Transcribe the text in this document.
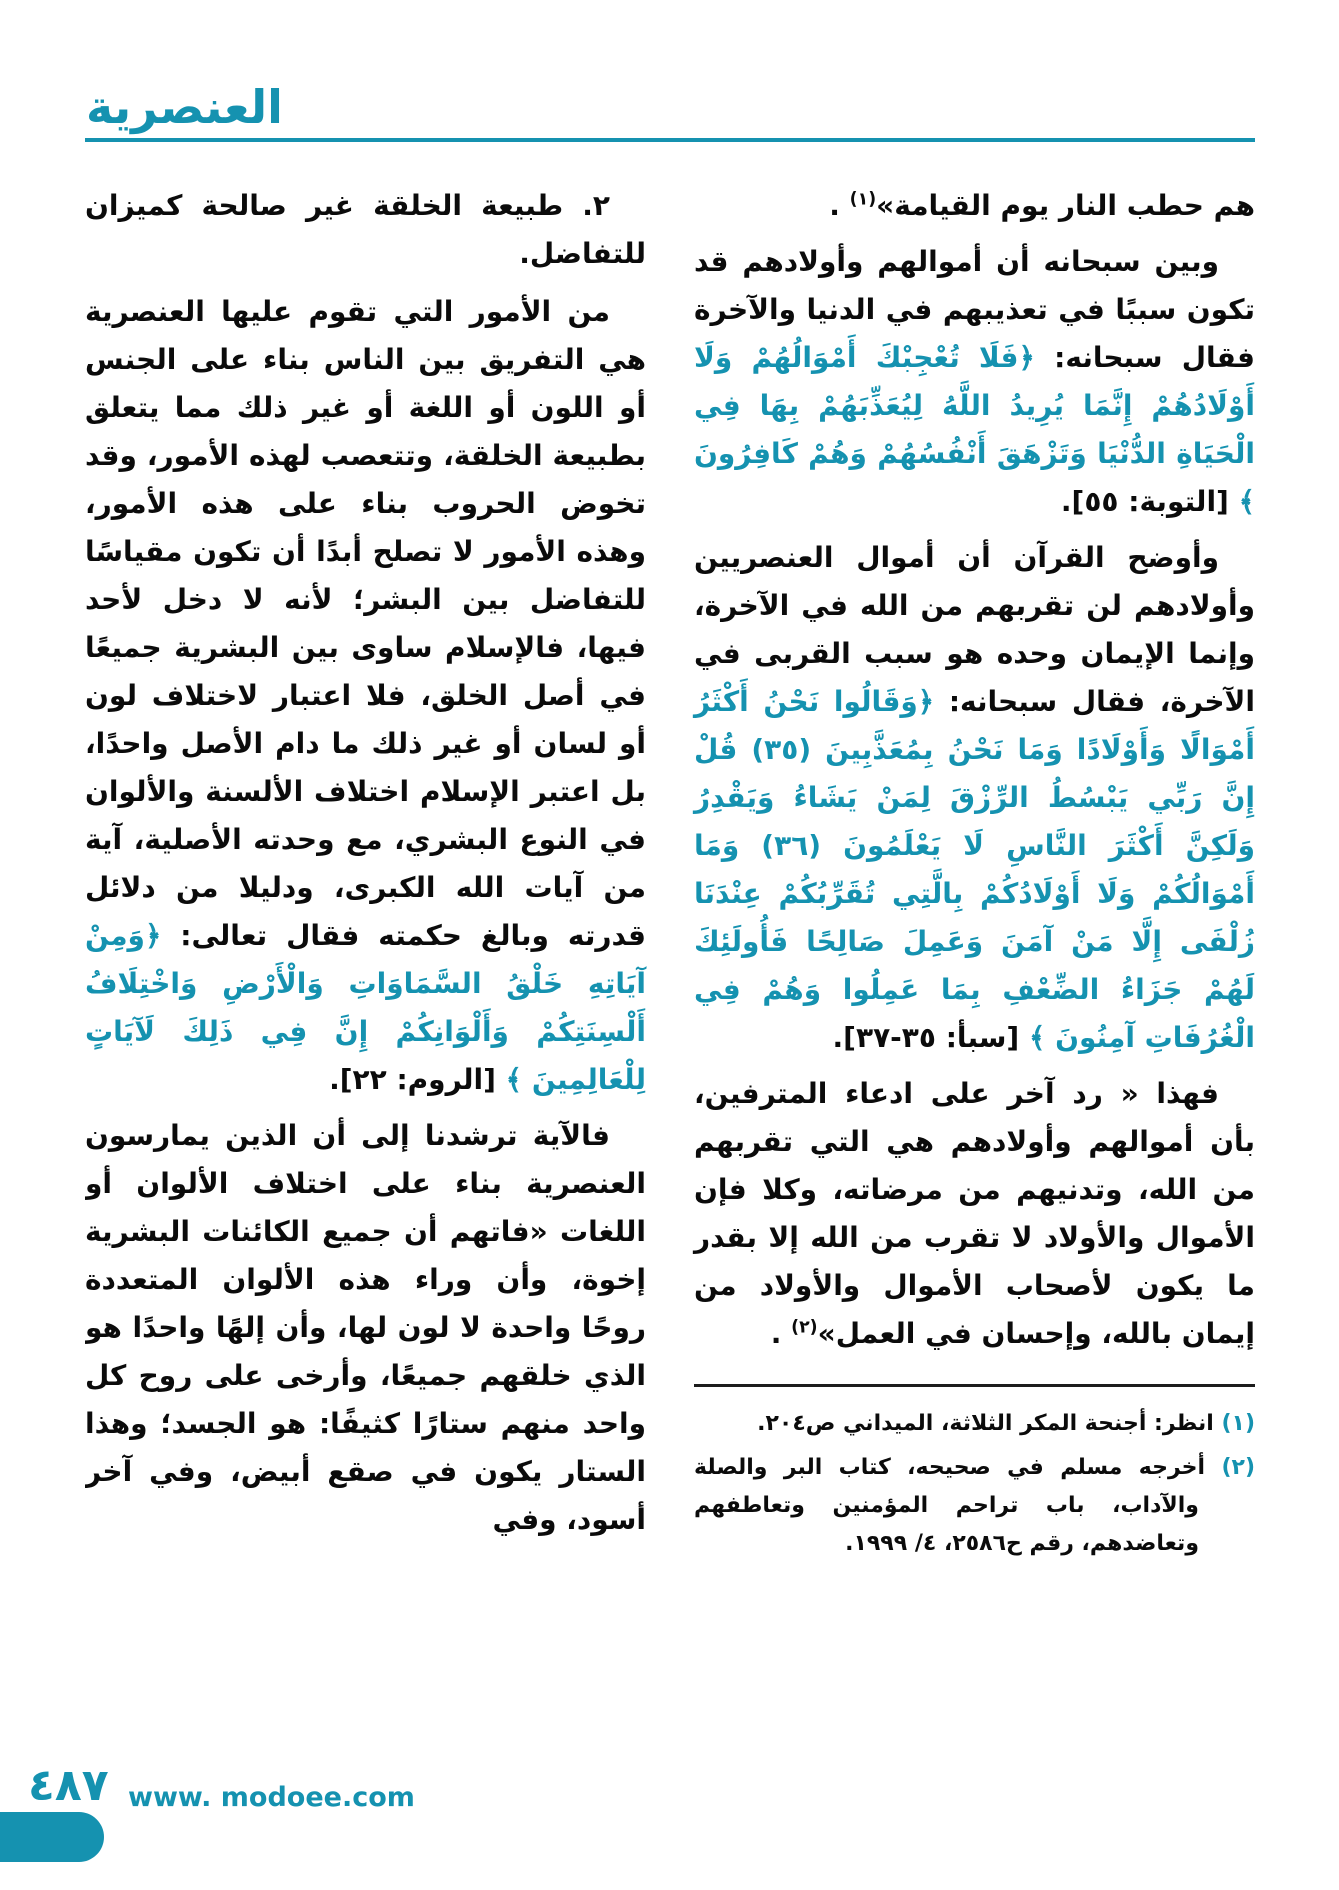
العنصرية

هم حطب النار يوم القيامة»$^{(١)}$ .

وبين سبحانه أن أموالهم وأولادهم قد تكون سببًا في تعذيبهم في الدنيا والآخرة فقال سبحانه: ﴿فَلَا تُعْجِبْكَ أَمْوَالُهُمْ وَلَا أَوْلَادُهُمْ إِنَّمَا يُرِيدُ اللَّهُ لِيُعَذِّبَهُمْ بِهَا فِي الْحَيَاةِ الدُّنْيَا وَتَزْهَقَ أَنْفُسُهُمْ وَهُمْ كَافِرُونَ ﴾ [التوبة: ٥٥].

وأوضح القرآن أن أموال العنصريين وأولادهم لن تقربهم من الله في الآخرة، وإنما الإيمان وحده هو سبب القربى في الآخرة، فقال سبحانه: ﴿وَقَالُوا نَحْنُ أَكْثَرُ أَمْوَالًا وَأَوْلَادًا وَمَا نَحْنُ بِمُعَذَّبِينَ (٣٥) قُلْ إِنَّ رَبِّي يَبْسُطُ الرِّزْقَ لِمَنْ يَشَاءُ وَيَقْدِرُ وَلَكِنَّ أَكْثَرَ النَّاسِ لَا يَعْلَمُونَ (٣٦) وَمَا أَمْوَالُكُمْ وَلَا أَوْلَادُكُمْ بِالَّتِي تُقَرِّبُكُمْ عِنْدَنَا زُلْفَى إِلَّا مَنْ آمَنَ وَعَمِلَ صَالِحًا فَأُولَئِكَ لَهُمْ جَزَاءُ الضِّعْفِ بِمَا عَمِلُوا وَهُمْ فِي الْغُرُفَاتِ آمِنُونَ ﴾ [سبأ: ٣٥-٣٧].

فهذا « رد آخر على ادعاء المترفين، بأن أموالهم وأولادهم هي التي تقربهم من الله، وتدنيهم من مرضاته، وكلا فإن الأموال والأولاد لا تقرب من الله إلا بقدر ما يكون لأصحاب الأموال والأولاد من إيمان بالله، وإحسان في العمل»$^{(٢)}$ .

(١) انظر: أجنحة المكر الثلاثة، الميداني ص٢٠٤.

(٢) أخرجه مسلم في صحيحه، كتاب البر والصلة والآداب، باب تراحم المؤمنين وتعاطفهم وتعاضدهم، رقم ح٢٥٨٦، ٤/ ١٩٩٩.

٢. طبيعة الخلقة غير صالحة كميزان للتفاضل.

من الأمور التي تقوم عليها العنصرية هي التفريق بين الناس بناء على الجنس أو اللون أو اللغة أو غير ذلك مما يتعلق بطبيعة الخلقة، وتتعصب لهذه الأمور، وقد تخوض الحروب بناء على هذه الأمور، وهذه الأمور لا تصلح أبدًا أن تكون مقياسًا للتفاضل بين البشر؛ لأنه لا دخل لأحد فيها، فالإسلام ساوى بين البشرية جميعًا في أصل الخلق، فلا اعتبار لاختلاف لون أو لسان أو غير ذلك ما دام الأصل واحدًا، بل اعتبر الإسلام اختلاف الألسنة والألوان في النوع البشري، مع وحدته الأصلية، آية من آيات الله الكبرى، ودليلا من دلائل قدرته وبالغ حكمته فقال تعالى: ﴿وَمِنْ آيَاتِهِ خَلْقُ السَّمَاوَاتِ وَالْأَرْضِ وَاخْتِلَافُ أَلْسِنَتِكُمْ وَأَلْوَانِكُمْ إِنَّ فِي ذَلِكَ لَآيَاتٍ لِلْعَالِمِينَ ﴾ [الروم: ٢٢].

فالآية ترشدنا إلى أن الذين يمارسون العنصرية بناء على اختلاف الألوان أو اللغات «فاتهم أن جميع الكائنات البشرية إخوة، وأن وراء هذه الألوان المتعددة روحًا واحدة لا لون لها، وأن إلهًا واحدًا هو الذي خلقهم جميعًا، وأرخى على روح كل واحد منهم ستارًا كثيفًا: هو الجسد؛ وهذا الستار يكون في صقع أبيض، وفي آخر أسود، وفي

٤٨٧ www. modoee.com
